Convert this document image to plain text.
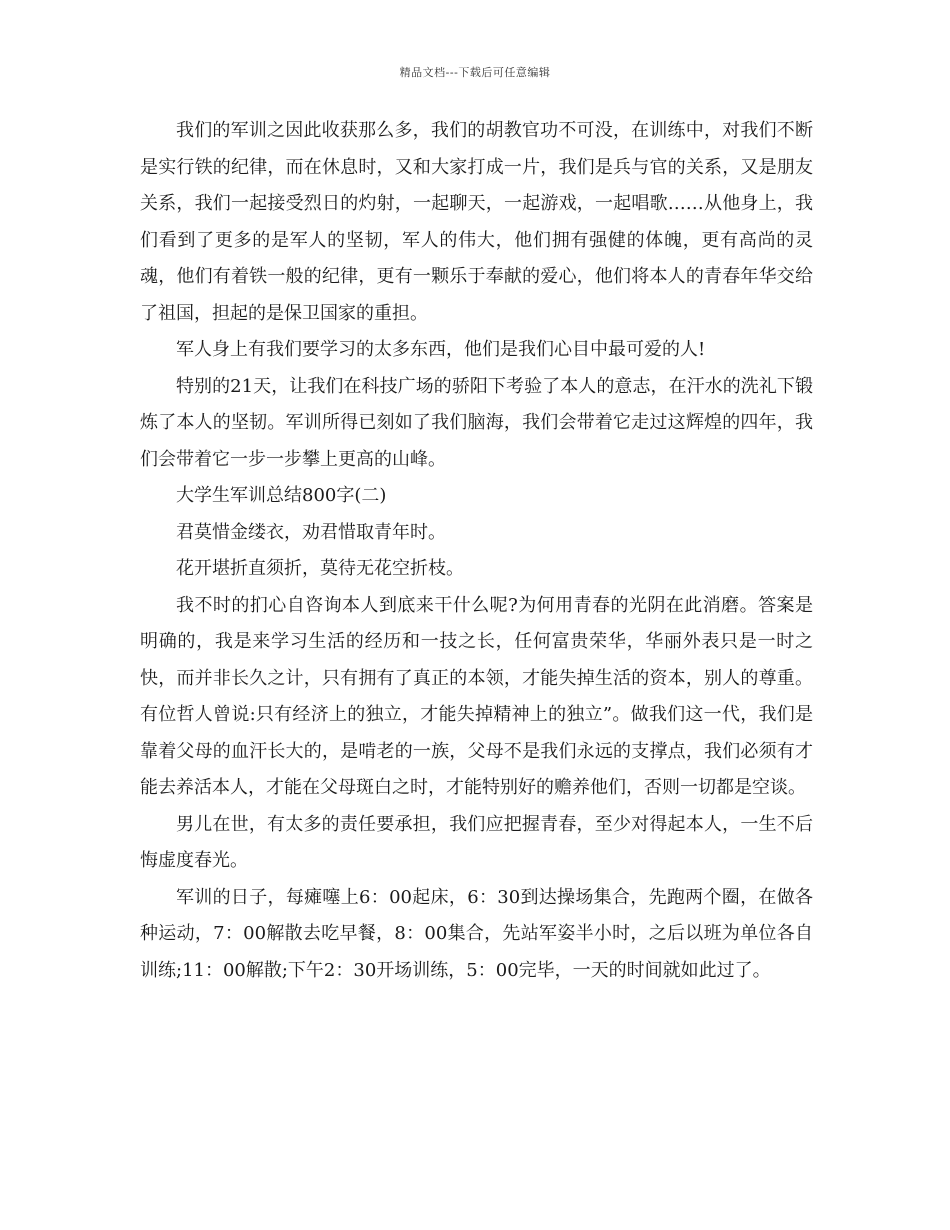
精品文档---下载后可任意编辑

我们的军训之因此收获那么多，我们的胡教官功不可没，在训练中，对我们不断是实行铁的纪律，而在休息时，又和大家打成一片，我们是兵与官的关系，又是朋友关系，我们一起接受烈日的灼射，一起聊天，一起游戏，一起唱歌……从他身上，我们看到了更多的是军人的坚韧，军人的伟大，他们拥有强健的体魄，更有高尚的灵魂，他们有着铁一般的纪律，更有一颗乐于奉献的爱心，他们将本人的青春年华交给了祖国，担起的是保卫国家的重担。

军人身上有我们要学习的太多东西，他们是我们心目中最可爱的人!

特别的21天，让我们在科技广场的骄阳下考验了本人的意志，在汗水的洗礼下锻炼了本人的坚韧。军训所得已刻如了我们脑海，我们会带着它走过这辉煌的四年，我们会带着它一步一步攀上更高的山峰。

大学生军训总结800字(二)

君莫惜金缕衣，劝君惜取青年时。

花开堪折直须折，莫待无花空折枝。

我不时的扪心自咨询本人到底来干什么呢?为何用青春的光阴在此消磨。答案是明确的，我是来学习生活的经历和一技之长，任何富贵荣华，华丽外表只是一时之快，而并非长久之计，只有拥有了真正的本领，才能失掉生活的资本，别人的尊重。有位哲人曾说:只有经济上的独立，才能失掉精神上的独立”。做我们这一代，我们是靠着父母的血汗长大的，是啃老的一族，父母不是我们永远的支撑点，我们必须有才能去养活本人，才能在父母斑白之时，才能特别好的赡养他们，否则一切都是空谈。

男儿在世，有太多的责任要承担，我们应把握青春，至少对得起本人，一生不后悔虚度春光。

军训的日子，每瘫噻上6：00起床，6：30到达操场集合，先跑两个圈，在做各种运动，7：00解散去吃早餐，8：00集合，先站军姿半小时，之后以班为单位各自训练;11：00解散;下午2：30开场训练，5：00完毕，一天的时间就如此过了。
